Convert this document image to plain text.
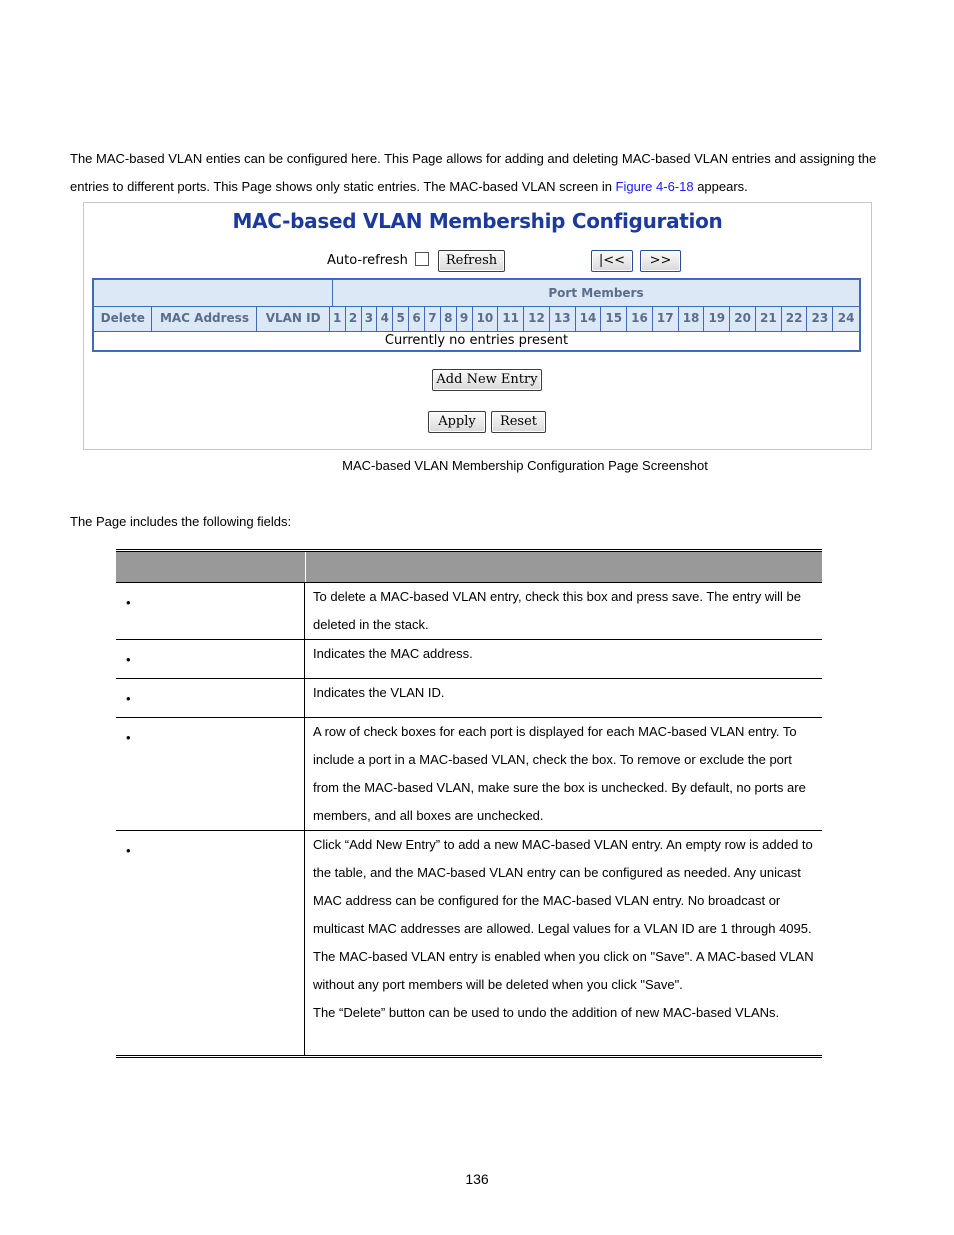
The MAC-based VLAN enties can be configured here. This Page allows for adding and deleting MAC-based VLAN entries and assigning the entries to different ports. This Page shows only static entries. The MAC-based VLAN screen in Figure 4-6-18 appears.
MAC-based VLAN Membership Configuration
Auto-refresh	Refresh	|<<	>>
Port Members
Delete	MAC Address	VLAN ID	1 2 3 4 5 6 7 8 9 10 11 12 13 14 15 16 17 18 19 20 21 22 23 24
Currently no entries present
Add New Entry
Apply	Reset
MAC-based VLAN Membership Configuration Page Screenshot
The Page includes the following fields:
•	To delete a MAC-based VLAN entry, check this box and press save. The entry will be deleted in the stack.
•	Indicates the MAC address.
•	Indicates the VLAN ID.
•	A row of check boxes for each port is displayed for each MAC-based VLAN entry. To include a port in a MAC-based VLAN, check the box. To remove or exclude the port from the MAC-based VLAN, make sure the box is unchecked. By default, no ports are members, and all boxes are unchecked.
•	Click “Add New Entry” to add a new MAC-based VLAN entry. An empty row is added to the table, and the MAC-based VLAN entry can be configured as needed. Any unicast MAC address can be configured for the MAC-based VLAN entry. No broadcast or multicast MAC addresses are allowed. Legal values for a VLAN ID are 1 through 4095.
The MAC-based VLAN entry is enabled when you click on "Save". A MAC-based VLAN without any port members will be deleted when you click "Save".
The “Delete” button can be used to undo the addition of new MAC-based VLANs.
136
